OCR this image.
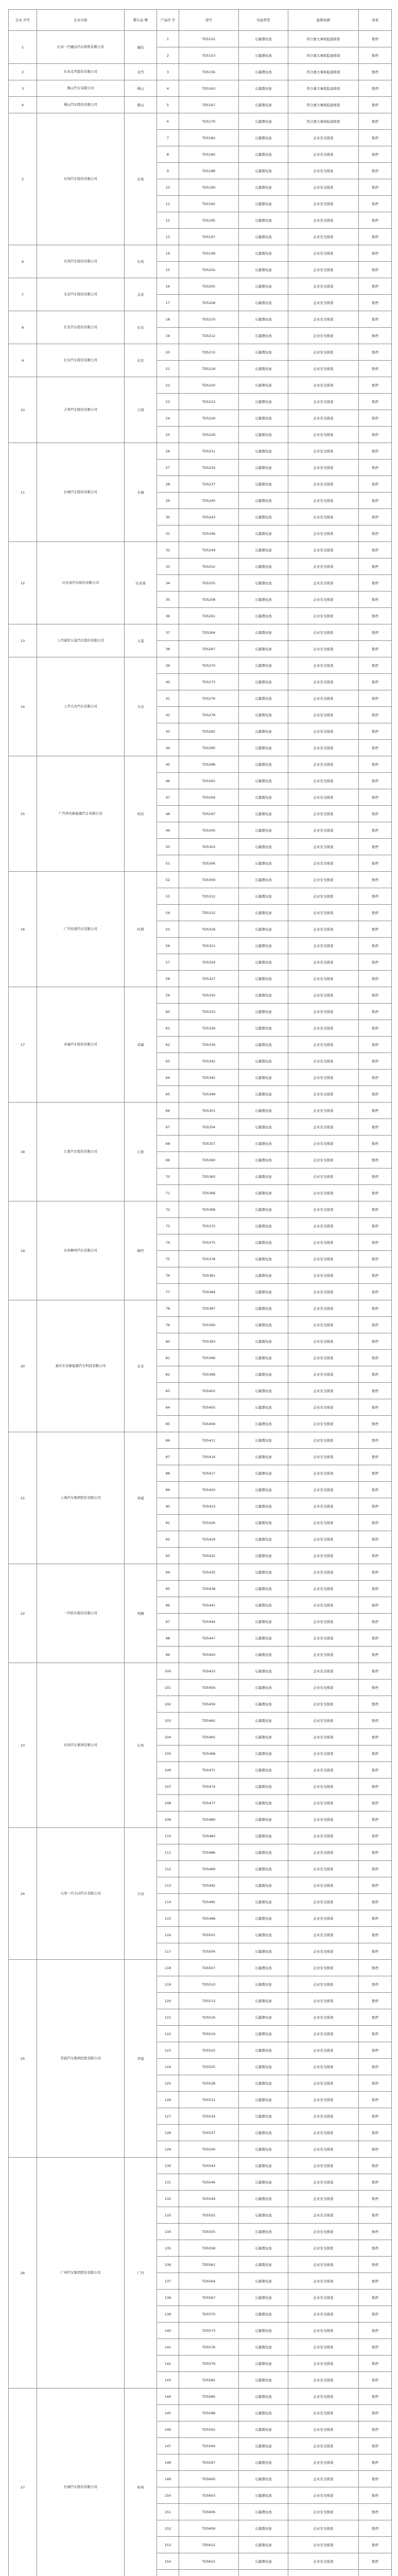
企业 序号	企业名称	整车品 牌	产品序 号	型号	电池类型	能耗检测	备案
1	长春一汽捷达汽车销售有限公司	捷达	1	TD5152	石墨锂电池	符合重大事故隐患排查	暂停
			2	TD5153	石墨锂电池	符合重大事故隐患排查	暂停
2	长春北汽股份有限公司	北汽	3	TD5156	石墨锂电池	符合重大事故隐患排查	暂停
3	佛山汽车有限公司	佛山	4	TD5163	石墨锂电池	符合重大事故隐患排查	暂停
4	佛山汽车股份有限公司	佛山	5	TD5167	石墨锂电池	符合重大事故隐患排查	暂停
5	东风汽车股份有限公司	东风	6	TD5170	石墨锂电池	符合重大事故隐患排查	暂停
			7	TD5182	石墨锂电池	企业安全排查	暂停
			8	TD5185	石墨锂电池	企业安全排查	暂停
			9	TD5188	石墨锂电池	企业安全排查	暂停
			10	TD5190	石墨锂电池	企业安全排查	暂停
			11	TD5192	石墨锂电池	企业安全排查	暂停
			12	TD5195	石墨锂电池	企业安全排查	暂停
			13	TD5197	石墨锂电池	企业安全排查	暂停
6	东风汽车股份有限公司	东风	14	TD5199	石墨锂电池	企业安全排查	暂停
			15	TD5202	石墨锂电池	企业安全排查	暂停
7	北京汽车股份有限公司	北京	16	TD5205	石墨锂电池	企业安全排查	暂停
			17	TD5208	石墨锂电池	企业安全排查	暂停
8	长安汽车股份有限公司	长安	18	TD5210	石墨锂电池	企业安全排查	暂停
			19	TD5212	石墨锂电池	企业安全排查	暂停
9	长安汽车股份有限公司	长安	20	TD5215	石墨锂电池	企业安全排查	暂停
			21	TD5218	石墨锂电池	企业安全排查	暂停
10	吉利汽车股份有限公司	吉利	22	TD5220	石墨锂电池	企业安全排查	暂停
			23	TD5223	石墨锂电池	企业安全排查	暂停
			24	TD5226	石墨锂电池	企业安全排查	暂停
			25	TD5229	石墨锂电池	企业安全排查	暂停
11	长城汽车股份有限公司	长城	26	TD5231	石墨锂电池	企业安全排查	暂停
			27	TD5234	石墨锂电池	企业安全排查	暂停
			28	TD5237	石墨锂电池	企业安全排查	暂停
			29	TD5240	石墨锂电池	企业安全排查	暂停
			30	TD5243	石墨锂电池	企业安全排查	暂停
			31	TD5246	石墨锂电池	企业安全排查	暂停
12	比亚迪汽车股份有限公司	比亚迪	32	TD5249	石墨锂电池	企业安全排查	暂停
			33	TD5252	石墨锂电池	企业安全排查	暂停
			34	TD5255	石墨锂电池	企业安全排查	暂停
			35	TD5258	石墨锂电池	企业安全排查	暂停
			36	TD5261	石墨锂电池	企业安全排查	暂停
13	上汽通用五菱汽车股份有限公司	五菱	37	TD5264	石墨锂电池	企业安全排查	暂停
			38	TD5267	石墨锂电池	企业安全排查	暂停
14	上汽大众汽车有限公司	大众	39	TD5270	石墨锂电池	企业安全排查	暂停
			40	TD5273	石墨锂电池	企业安全排查	暂停
			41	TD5276	石墨锂电池	企业安全排查	暂停
			42	TD5279	石墨锂电池	企业安全排查	暂停
			43	TD5282	石墨锂电池	企业安全排查	暂停
			44	TD5285	石墨锂电池	企业安全排查	暂停
15	广汽埃安新能源汽车有限公司	埃安	45	TD5288	石墨锂电池	企业安全排查	暂停
			46	TD5291	石墨锂电池	企业安全排查	暂停
			47	TD5294	石墨锂电池	企业安全排查	暂停
			48	TD5297	石墨锂电池	企业安全排查	暂停
			49	TD5300	石墨锂电池	企业安全排查	暂停
			50	TD5303	石墨锂电池	企业安全排查	暂停
			51	TD5306	石墨锂电池	企业安全排查	暂停
16	广汽传祺汽车有限公司	传祺	52	TD5309	石墨锂电池	企业安全排查	暂停
			53	TD5312	石墨锂电池	企业安全排查	暂停
			54	TD5315	石墨锂电池	企业安全排查	暂停
			55	TD5318	石墨锂电池	企业安全排查	暂停
			56	TD5321	石墨锂电池	企业安全排查	暂停
			57	TD5324	石墨锂电池	企业安全排查	暂停
			58	TD5327	石墨锂电池	企业安全排查	暂停
17	奇瑞汽车股份有限公司	奇瑞	59	TD5330	石墨锂电池	企业安全排查	暂停
			60	TD5333	石墨锂电池	企业安全排查	暂停
			61	TD5336	石墨锂电池	企业安全排查	暂停
			62	TD5339	石墨锂电池	企业安全排查	暂停
			63	TD5342	石墨锂电池	企业安全排查	暂停
			64	TD5345	石墨锂电池	企业安全排查	暂停
			65	TD5348	石墨锂电池	企业安全排查	暂停
18	江淮汽车股份有限公司	江淮	66	TD5351	石墨锂电池	企业安全排查	暂停
			67	TD5354	石墨锂电池	企业安全排查	暂停
			68	TD5357	石墨锂电池	企业安全排查	暂停
			69	TD5360	石墨锂电池	企业安全排查	暂停
			70	TD5363	石墨锂电池	企业安全排查	暂停
			71	TD5366	石墨锂电池	企业安全排查	暂停
19	东风柳州汽车有限公司	柳汽	72	TD5369	石墨锂电池	企业安全排查	暂停
			73	TD5372	石墨锂电池	企业安全排查	暂停
			74	TD5375	石墨锂电池	企业安全排查	暂停
			75	TD5378	石墨锂电池	企业安全排查	暂停
			76	TD5381	石墨锂电池	企业安全排查	暂停
			77	TD5384	石墨锂电池	企业安全排查	暂停
20	重庆长安新能源汽车科技有限公司	长安	78	TD5387	石墨锂电池	企业安全排查	暂停
			79	TD5390	石墨锂电池	企业安全排查	暂停
			80	TD5393	石墨锂电池	企业安全排查	暂停
			81	TD5396	石墨锂电池	企业安全排查	暂停
			82	TD5399	石墨锂电池	企业安全排查	暂停
			83	TD5402	石墨锂电池	企业安全排查	暂停
			84	TD5405	石墨锂电池	企业安全排查	暂停
			85	TD5408	石墨锂电池	企业安全排查	暂停
21	上海汽车集团股份有限公司	荣威	86	TD5411	石墨锂电池	企业安全排查	暂停
			87	TD5414	石墨锂电池	企业安全排查	暂停
			88	TD5417	石墨锂电池	企业安全排查	暂停
			89	TD5420	石墨锂电池	企业安全排查	暂停
			90	TD5423	石墨锂电池	企业安全排查	暂停
			91	TD5426	石墨锂电池	企业安全排查	暂停
			92	TD5429	石墨锂电池	企业安全排查	暂停
			93	TD5432	石墨锂电池	企业安全排查	暂停
22	一汽轿车股份有限公司	奔腾	94	TD5435	石墨锂电池	企业安全排查	暂停
			95	TD5438	石墨锂电池	企业安全排查	暂停
			96	TD5441	石墨锂电池	企业安全排查	暂停
			97	TD5444	石墨锂电池	企业安全排查	暂停
			98	TD5447	石墨锂电池	企业安全排查	暂停
			99	TD5450	石墨锂电池	企业安全排查	暂停
23	东风汽车集团有限公司	东风	100	TD5453	石墨锂电池	企业安全排查	暂停
			101	TD5456	石墨锂电池	企业安全排查	暂停
			102	TD5459	石墨锂电池	企业安全排查	暂停
			103	TD5462	石墨锂电池	企业安全排查	暂停
			104	TD5465	石墨锂电池	企业安全排查	暂停
			105	TD5468	石墨锂电池	企业安全排查	暂停
			106	TD5471	石墨锂电池	企业安全排查	暂停
			107	TD5474	石墨锂电池	企业安全排查	暂停
			108	TD5477	石墨锂电池	企业安全排查	暂停
			109	TD5480	石墨锂电池	企业安全排查	暂停
24	天津一汽丰田汽车有限公司	丰田	110	TD5483	石墨锂电池	企业安全排查	暂停
			111	TD5486	石墨锂电池	企业安全排查	暂停
			112	TD5489	石墨锂电池	企业安全排查	暂停
			113	TD5492	石墨锂电池	企业安全排查	暂停
			114	TD5495	石墨锂电池	企业安全排查	暂停
			115	TD5498	石墨锂电池	企业安全排查	暂停
			116	TD5501	石墨锂电池	企业安全排查	暂停
			117	TD5504	石墨锂电池	企业安全排查	暂停
25	华晨汽车集团控股有限公司	华晨	118	TD5507	石墨锂电池	企业安全排查	暂停
			119	TD5510	石墨锂电池	企业安全排查	暂停
			120	TD5513	石墨锂电池	企业安全排查	暂停
			121	TD5516	石墨锂电池	企业安全排查	暂停
			122	TD5519	石墨锂电池	企业安全排查	暂停
			123	TD5522	石墨锂电池	企业安全排查	暂停
			124	TD5525	石墨锂电池	企业安全排查	暂停
			125	TD5528	石墨锂电池	企业安全排查	暂停
			126	TD5531	石墨锂电池	企业安全排查	暂停
			127	TD5534	石墨锂电池	企业安全排查	暂停
			128	TD5537	石墨锂电池	企业安全排查	暂停
			129	TD5540	石墨锂电池	企业安全排查	暂停
26	广州汽车集团股份有限公司	广汽	130	TD5543	石墨锂电池	企业安全排查	暂停
			131	TD5546	石墨锂电池	企业安全排查	暂停
			132	TD5549	石墨锂电池	企业安全排查	暂停
			133	TD5552	石墨锂电池	企业安全排查	暂停
			134	TD5555	石墨锂电池	企业安全排查	暂停
			135	TD5558	石墨锂电池	企业安全排查	暂停
			136	TD5561	石墨锂电池	企业安全排查	暂停
			137	TD5564	石墨锂电池	企业安全排查	暂停
			138	TD5567	石墨锂电池	企业安全排查	暂停
			139	TD5570	石墨锂电池	企业安全排查	暂停
			140	TD5573	石墨锂电池	企业安全排查	暂停
			141	TD5576	石墨锂电池	企业安全排查	暂停
			142	TD5579	石墨锂电池	企业安全排查	暂停
			143	TD5582	石墨锂电池	企业安全排查	暂停
27	长城汽车股份有限公司	哈弗	144	TD5585	石墨锂电池	企业安全排查	暂停
			145	TD5588	石墨锂电池	企业安全排查	暂停
			146	TD5591	石墨锂电池	企业安全排查	暂停
			147	TD5594	石墨锂电池	企业安全排查	暂停
			148	TD5597	石墨锂电池	企业安全排查	暂停
			149	TD5600	石墨锂电池	企业安全排查	暂停
			150	TD5603	石墨锂电池	企业安全排查	暂停
			151	TD5606	石墨锂电池	企业安全排查	暂停
			152	TD5609	石墨锂电池	企业安全排查	暂停
			153	TD5612	石墨锂电池	企业安全排查	暂停
			154	TD5615	石墨锂电池	企业安全排查	暂停
